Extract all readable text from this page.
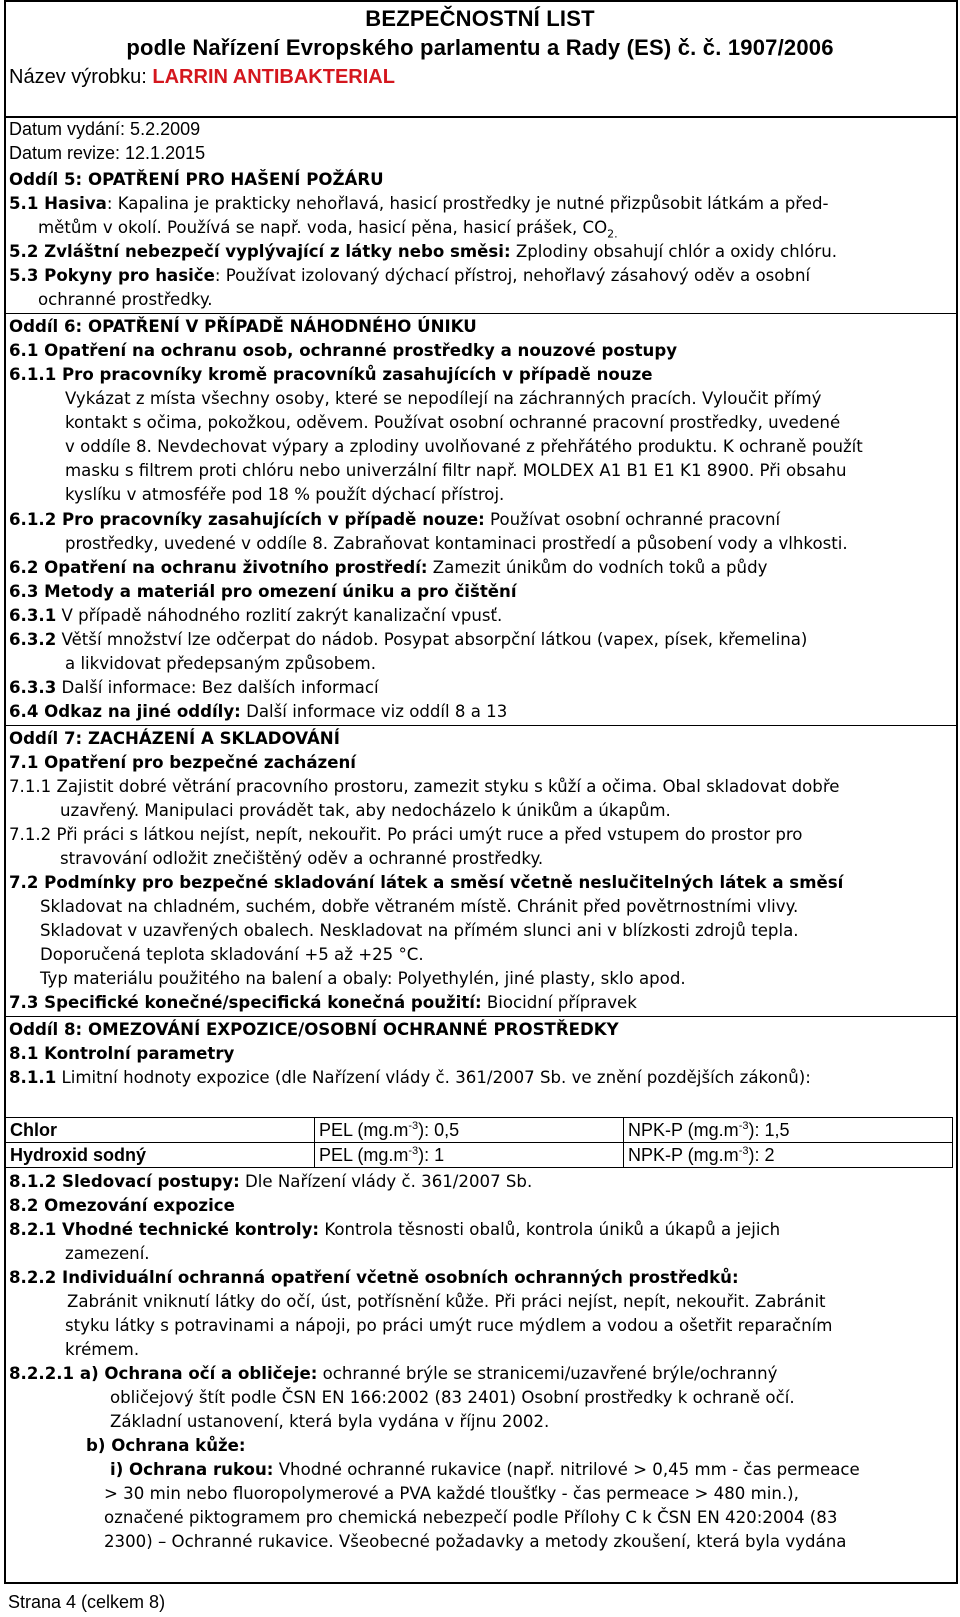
BEZPEČNOSTNÍ LIST
podle Nařízení Evropského parlamentu a Rady (ES) č. č. 1907/2006
Název výrobku: LARRIN ANTIBAKTERIAL
Datum vydání: 5.2.2009
Datum revize: 12.1.2015
Oddíl 5: OPATŘENÍ PRO HAŠENÍ POŽÁRU
5.1 Hasiva: Kapalina je prakticky nehořlavá, hasicí prostředky je nutné přizpůsobit látkám a před-
mětům v okolí. Používá se např. voda, hasicí pěna, hasicí prášek, $CO_{2.}$
5.2 Zvláštní nebezpečí vyplývající z látky nebo směsi: Zplodiny obsahují chlór a oxidy chlóru.
5.3 Pokyny pro hasiče: Používat izolovaný dýchací přístroj, nehořlavý zásahový oděv a osobní
ochranné prostředky.
Oddíl 6: OPATŘENÍ V PŘÍPADĚ NÁHODNÉHO ÚNIKU
6.1 Opatření na ochranu osob, ochranné prostředky a nouzové postupy
6.1.1 Pro pracovníky kromě pracovníků zasahujících v případě nouze
Vykázat z místa všechny osoby, které se nepodílejí na záchranných pracích. Vyloučit přímý
kontakt s očima, pokožkou, oděvem. Používat osobní ochranné pracovní prostředky, uvedené
v oddíle 8. Nevdechovat výpary a zplodiny uvolňované z přehřátého produktu. K ochraně použít
masku s filtrem proti chlóru nebo univerzální filtr např. MOLDEX A1 B1 E1 K1 8900. Při obsahu
kyslíku v atmosféře pod 18 % použít dýchací přístroj.
6.1.2 Pro pracovníky zasahujících v případě nouze: Používat osobní ochranné pracovní
prostředky, uvedené v oddíle 8. Zabraňovat kontaminaci prostředí a působení vody a vlhkosti.
6.2 Opatření na ochranu životního prostředí: Zamezit únikům do vodních toků a půdy
6.3 Metody a materiál pro omezení úniku a pro čištění
6.3.1 V případě náhodného rozlití zakrýt kanalizační vpusť.
6.3.2 Větší množství lze odčerpat do nádob. Posypat absorpční látkou (vapex, písek, křemelina)
a likvidovat předepsaným způsobem.
6.3.3 Další informace: Bez dalších informací
6.4 Odkaz na jiné oddíly: Další informace viz oddíl 8 a 13
Oddíl 7: ZACHÁZENÍ A SKLADOVÁNÍ
7.1 Opatření pro bezpečné zacházení
7.1.1 Zajistit dobré větrání pracovního prostoru, zamezit styku s kůží a očima. Obal skladovat dobře
uzavřený. Manipulaci provádět tak, aby nedocházelo k únikům a úkapům.
7.1.2 Při práci s látkou nejíst, nepít, nekouřit. Po práci umýt ruce a před vstupem do prostor pro
stravování odložit znečištěný oděv a ochranné prostředky.
7.2 Podmínky pro bezpečné skladování látek a směsí včetně neslučitelných látek a směsí
Skladovat na chladném, suchém, dobře větraném místě. Chránit před povětrnostními vlivy.
Skladovat v uzavřených obalech. Neskladovat na přímém slunci ani v blízkosti zdrojů tepla.
Doporučená teplota skladování +5 až +25 °C.
Typ materiálu použitého na balení a obaly: Polyethylén, jiné plasty, sklo apod.
7.3 Specifické konečné/specifická konečná použití: Biocidní přípravek
Oddíl 8: OMEZOVÁNÍ EXPOZICE/OSOBNÍ OCHRANNÉ PROSTŘEDKY
8.1 Kontrolní parametry
8.1.1 Limitní hodnoty expozice (dle Nařízení vlády č. 361/2007 Sb. ve znění pozdějších zákonů):
Chlor	PEL $(mg.m^{-3})$: 0,5	NPK-P $(mg.m^{-3})$: 1,5
Hydroxid sodný	PEL $(mg.m^{-3})$: 1	NPK-P $(mg.m^{-3})$: 2
8.1.2 Sledovací postupy: Dle Nařízení vlády č. 361/2007 Sb.
8.2 Omezování expozice
8.2.1 Vhodné technické kontroly: Kontrola těsnosti obalů, kontrola úniků a úkapů a jejich
zamezení.
8.2.2 Individuální ochranná opatření včetně osobních ochranných prostředků:
Zabránit vniknutí látky do očí, úst, potřísnění kůže. Při práci nejíst, nepít, nekouřit. Zabránit
styku látky s potravinami a nápoji, po práci umýt ruce mýdlem a vodou a ošetřit reparačním
krémem.
8.2.2.1 a) Ochrana očí a obličeje: ochranné brýle se stranicemi/uzavřené brýle/ochranný
obličejový štít podle ČSN EN 166:2002 (83 2401) Osobní prostředky k ochraně očí.
Základní ustanovení, která byla vydána v říjnu 2002.
b) Ochrana kůže:
i) Ochrana rukou: Vhodné ochranné rukavice (např. nitrilové > 0,45 mm - čas permeace
> 30 min nebo fluoropolymerové a PVA každé tloušťky - čas permeace > 480 min.),
označené piktogramem pro chemická nebezpečí podle Přílohy C k ČSN EN 420:2004 (83
2300) – Ochranné rukavice. Všeobecné požadavky a metody zkoušení, která byla vydána
Strana 4 (celkem 8)
